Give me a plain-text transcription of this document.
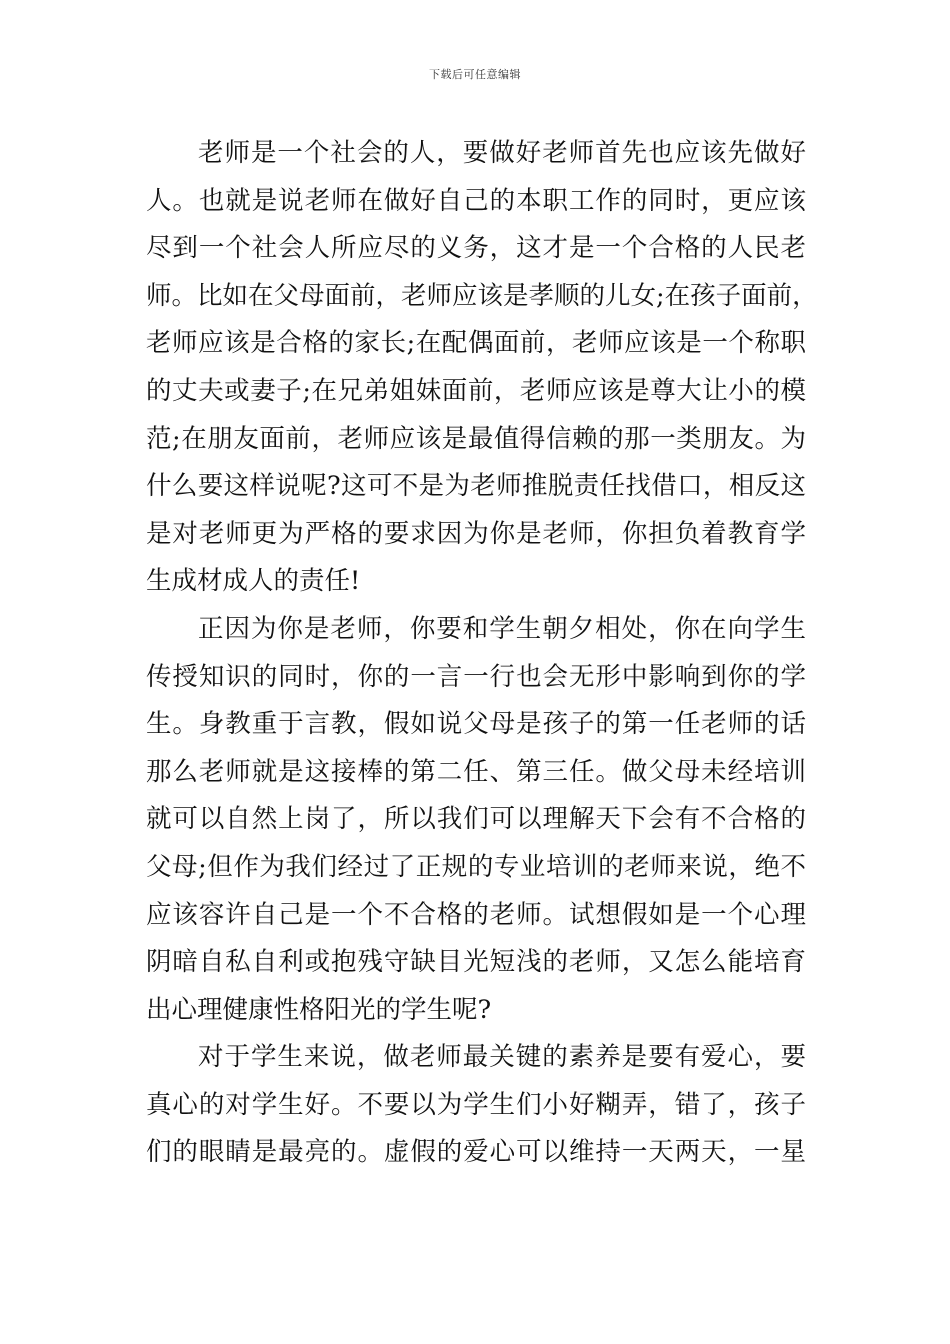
下载后可任意编辑
老师是一个社会的人，要做好老师首先也应该先做好
人。也就是说老师在做好自己的本职工作的同时，更应该
尽到一个社会人所应尽的义务，这才是一个合格的人民老
师。比如在父母面前，老师应该是孝顺的儿女;在孩子面前，
老师应该是合格的家长;在配偶面前，老师应该是一个称职
的丈夫或妻子;在兄弟姐妹面前，老师应该是尊大让小的模
范;在朋友面前，老师应该是最值得信赖的那一类朋友。为
什么要这样说呢?这可不是为老师推脱责任找借口，相反这
是对老师更为严格的要求因为你是老师，你担负着教育学
生成材成人的责任!
正因为你是老师，你要和学生朝夕相处，你在向学生
传授知识的同时，你的一言一行也会无形中影响到你的学
生。身教重于言教，假如说父母是孩子的第一任老师的话
那么老师就是这接棒的第二任、第三任。做父母未经培训
就可以自然上岗了，所以我们可以理解天下会有不合格的
父母;但作为我们经过了正规的专业培训的老师来说，绝不
应该容许自己是一个不合格的老师。试想假如是一个心理
阴暗自私自利或抱残守缺目光短浅的老师，又怎么能培育
出心理健康性格阳光的学生呢?
对于学生来说，做老师最关键的素养是要有爱心，要
真心的对学生好。不要以为学生们小好糊弄，错了，孩子
们的眼睛是最亮的。虚假的爱心可以维持一天两天，一星
